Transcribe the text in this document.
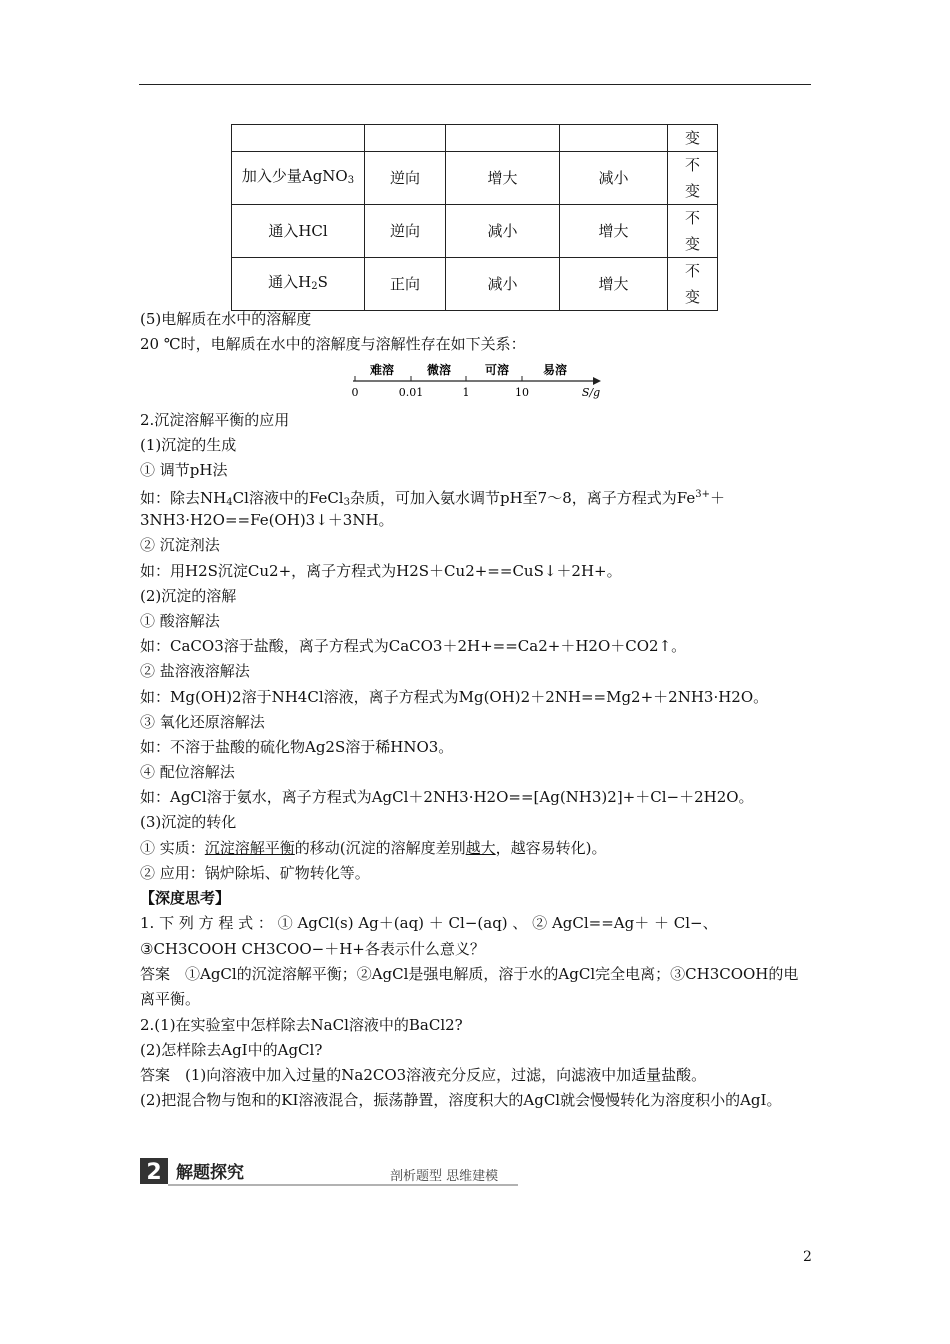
				变
加入少量AgNO$_3$	逆向	增大	减小	不
变
通入HCl	逆向	减小	增大	不
变
通入$H_2S$	正向	减小	增大	不
变
(5)电解质在水中的溶解度
20 ℃时，电解质在水中的溶解度与溶解性存在如下关系：
难溶	微溶	可溶	易溶
0	0.01	1	10	S/g
2.沉淀溶解平衡的应用
(1)沉淀的生成
① 调节pH法
如：除去$NH_4Cl$溶液中的FeCl$_3$杂质，可加入氨水调节pH至7～8，离子方程式为$Fe^{3+}+$
3NH3·H2O==Fe(OH)3↓＋3NH。
② 沉淀剂法
如：用H2S沉淀Cu2+，离子方程式为H2S＋Cu2+==CuS↓＋2H+。
(2)沉淀的溶解
① 酸溶解法
如：CaCO3溶于盐酸，离子方程式为CaCO3＋2H+==Ca2+＋H2O＋CO2↑。
② 盐溶液溶解法
如：Mg(OH)2溶于NH4Cl溶液，离子方程式为Mg(OH)2＋2NH==Mg2+＋2NH3·H2O。
③ 氧化还原溶解法
如：不溶于盐酸的硫化物Ag2S溶于稀HNO3。
④ 配位溶解法
如：AgCl溶于氨水，离子方程式为AgCl＋2NH3·H2O==[Ag(NH3)2]+＋Cl−＋2H2O。
(3)沉淀的转化
① 实质：沉淀溶解平衡的移动(沉淀的溶解度差别越大，越容易转化)。
② 应用：锅炉除垢、矿物转化等。
【深度思考】
1. 下 列 方 程 式 ： ① AgCl(s) Ag＋(aq) ＋ Cl−(aq) 、 ② AgCl==Ag＋ ＋ Cl−、
③CH3COOH CH3COO−＋H+各表示什么意义？
答案　①AgCl的沉淀溶解平衡；②AgCl是强电解质，溶于水的AgCl完全电离；③CH3COOH的电离平衡。
2.(1)在实验室中怎样除去NaCl溶液中的BaCl2?
(2)怎样除去AgI中的AgCl?
答案　(1)向溶液中加入过量的Na2CO3溶液充分反应，过滤，向滤液中加适量盐酸。
(2)把混合物与饱和的KI溶液混合，振荡静置，溶度积大的AgCl就会慢慢转化为溶度积小的AgI。
2 解题探究	剖析题型 思维建模
2
